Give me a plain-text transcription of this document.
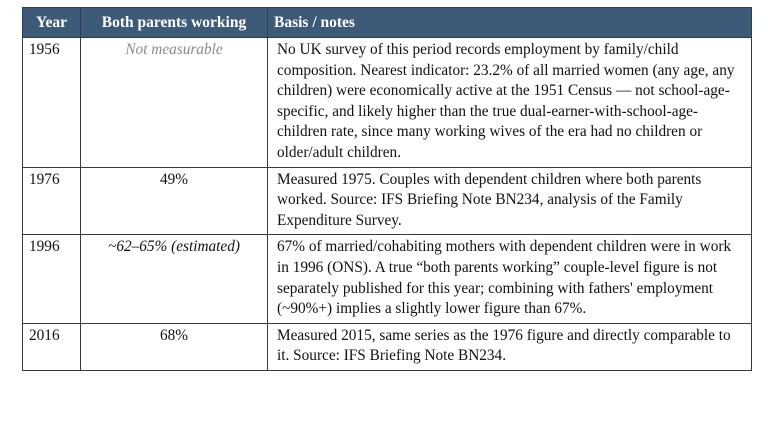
Year	Both parents working	Basis / notes
1956	Not measurable	No UK survey of this period records employment by family/child composition. Nearest indicator: 23.2% of all married women (any age, any children) were economically active at the 1951 Census — not school-age-specific, and likely higher than the true dual-earner-with-school-age-children rate, since many working wives of the era had no children or older/adult children.
1976	49%	Measured 1975. Couples with dependent children where both parents worked. Source: IFS Briefing Note BN234, analysis of the Family Expenditure Survey.
1996	~62–65% (estimated)	67% of married/cohabiting mothers with dependent children were in work in 1996 (ONS). A true “both parents working” couple-level figure is not separately published for this year; combining with fathers' employment (~90%+) implies a slightly lower figure than 67%.
2016	68%	Measured 2015, same series as the 1976 figure and directly comparable to it. Source: IFS Briefing Note BN234.
